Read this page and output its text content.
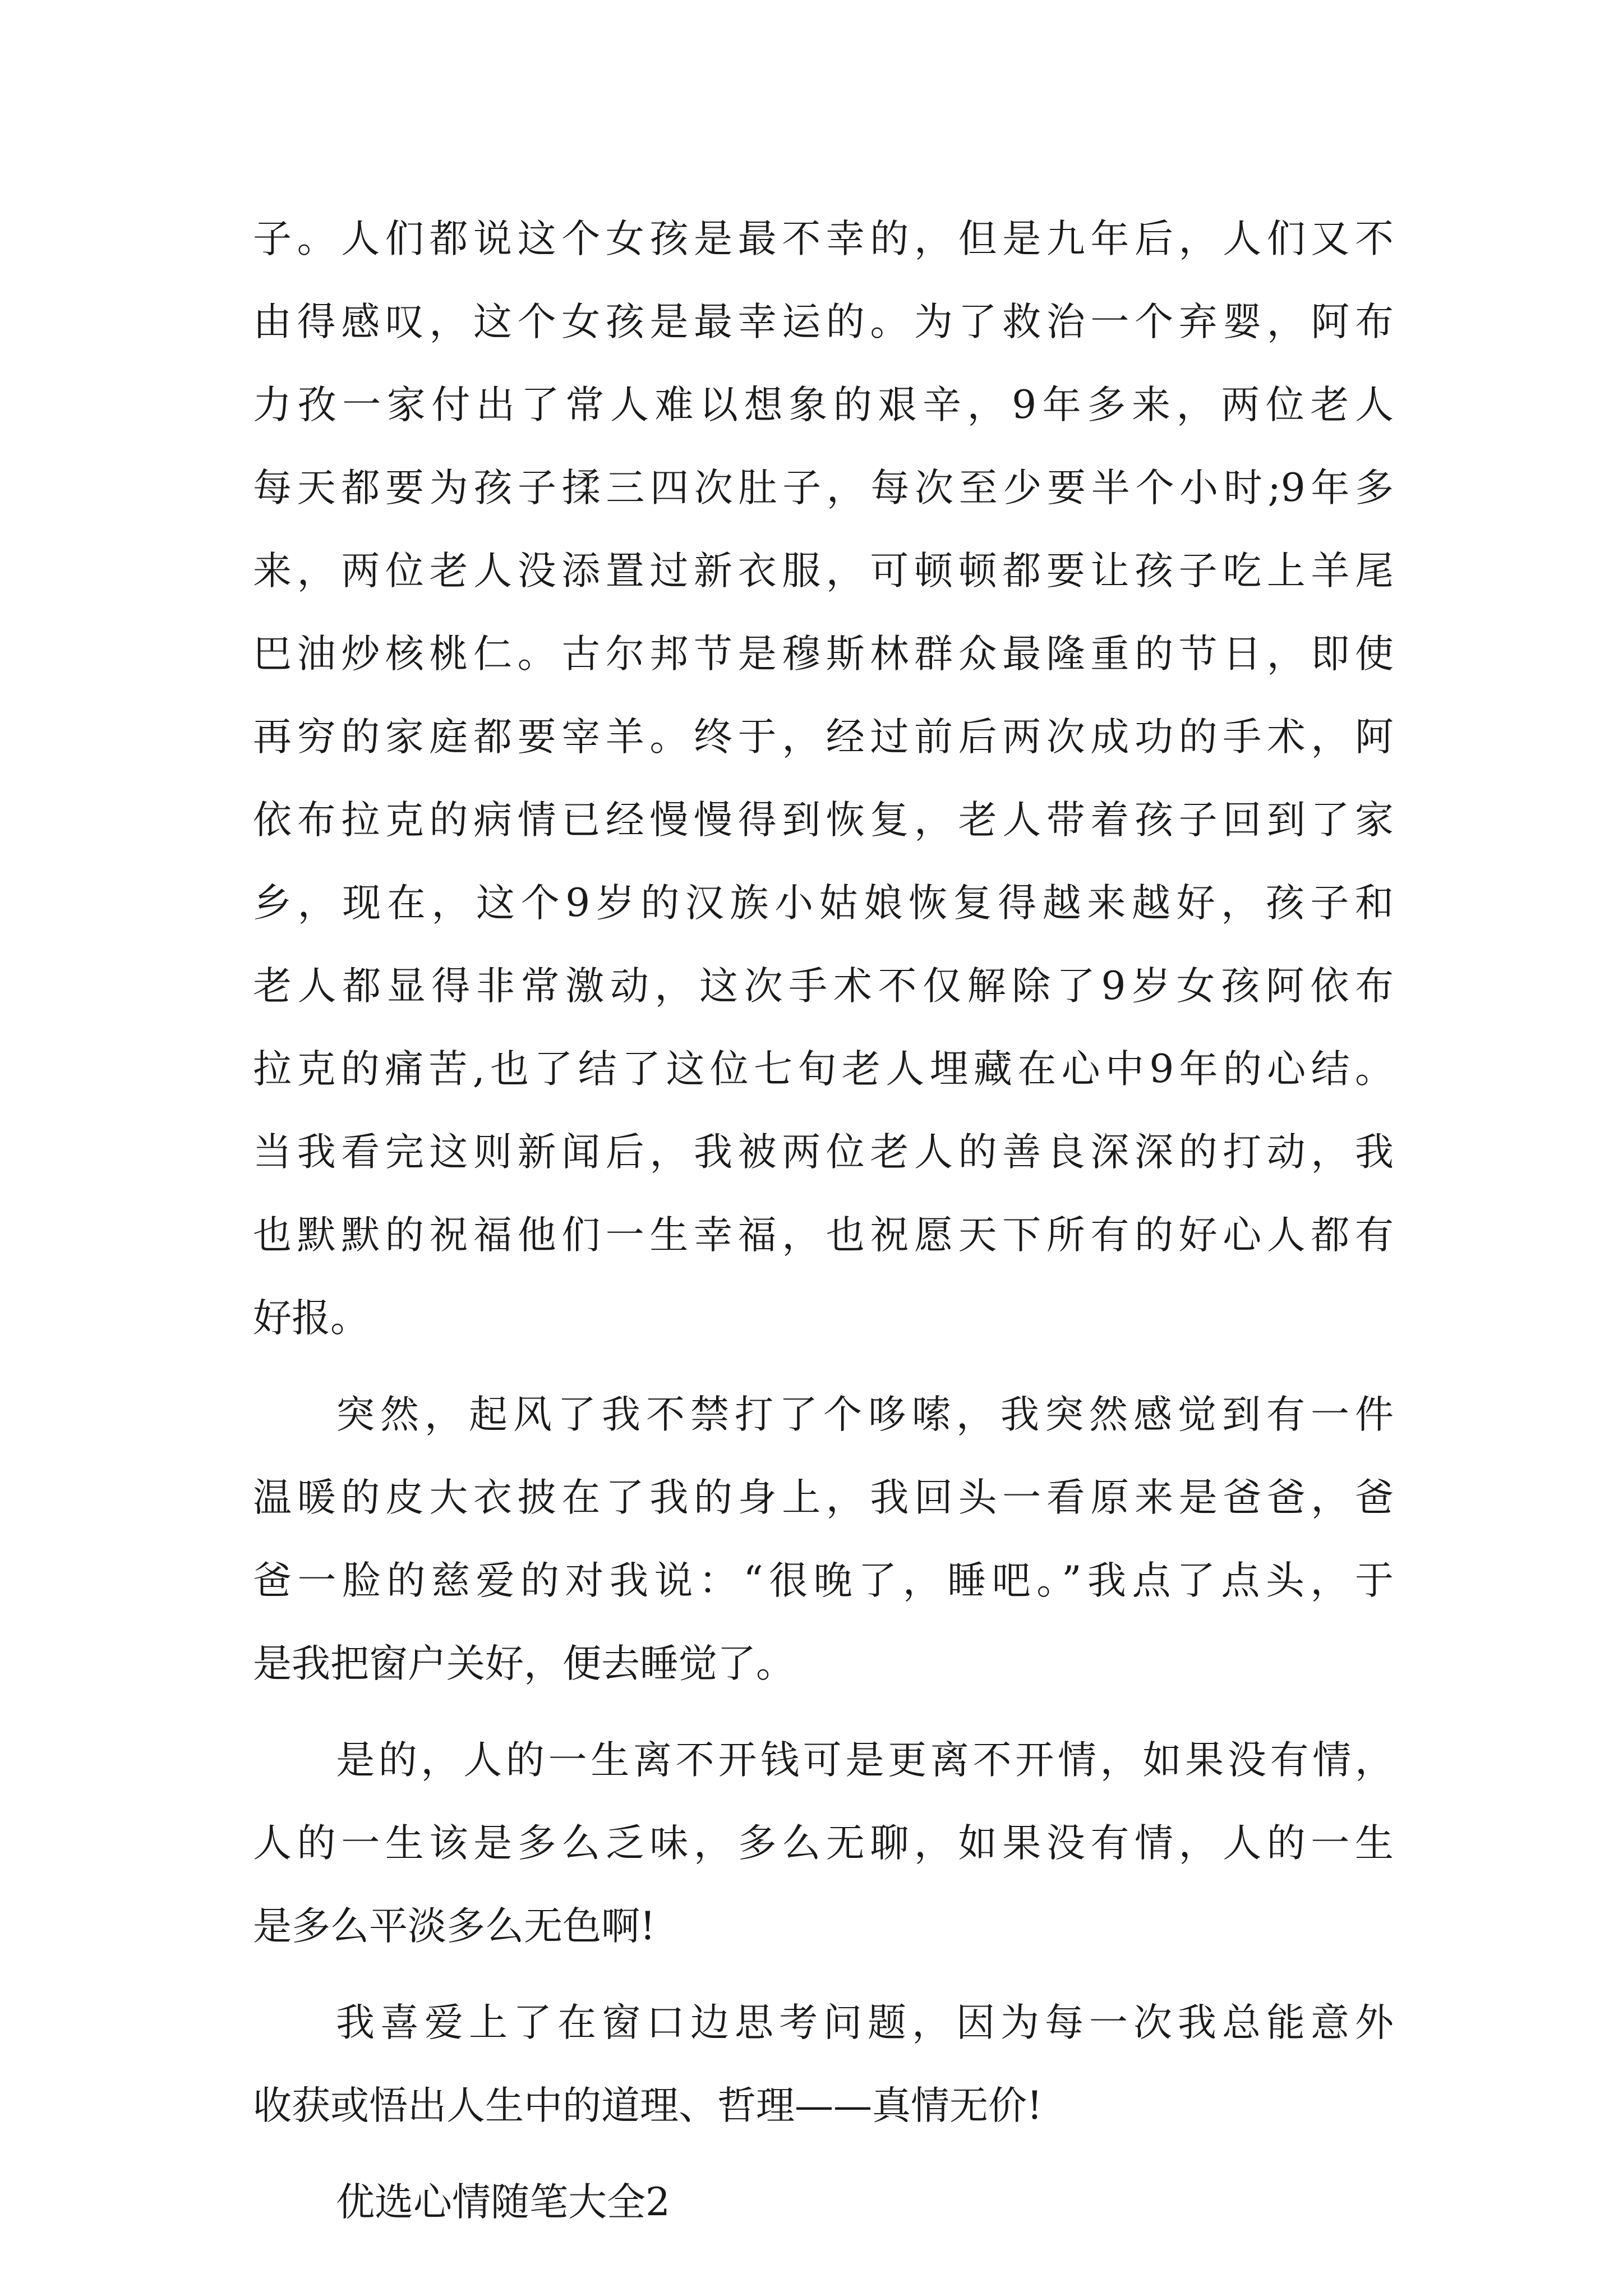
子。人们都说这个女孩是最不幸的，但是九年后，人们又不
由得感叹，这个女孩是最幸运的。为了救治一个弃婴，阿布
力孜一家付出了常人难以想象的艰辛，9年多来，两位老人
每天都要为孩子揉三四次肚子，每次至少要半个小时;9年多
来，两位老人没添置过新衣服，可顿顿都要让孩子吃上羊尾
巴油炒核桃仁。古尔邦节是穆斯林群众最隆重的节日，即使
再穷的家庭都要宰羊。终于，经过前后两次成功的手术，阿
依布拉克的病情已经慢慢得到恢复，老人带着孩子回到了家
乡，现在，这个9岁的汉族小姑娘恢复得越来越好，孩子和
老人都显得非常激动，这次手术不仅解除了9岁女孩阿依布
拉克的痛苦,也了结了这位七旬老人埋藏在心中9年的心结。
当我看完这则新闻后，我被两位老人的善良深深的打动，我
也默默的祝福他们一生幸福，也祝愿天下所有的好心人都有
好报。
突然，起风了我不禁打了个哆嗦，我突然感觉到有一件
温暖的皮大衣披在了我的身上，我回头一看原来是爸爸，爸
爸一脸的慈爱的对我说：“很晚了，睡吧。”我点了点头，于
是我把窗户关好，便去睡觉了。
是的，人的一生离不开钱可是更离不开情，如果没有情，
人的一生该是多么乏味，多么无聊，如果没有情，人的一生
是多么平淡多么无色啊!
我喜爱上了在窗口边思考问题，因为每一次我总能意外
收获或悟出人生中的道理、哲理——真情无价!
优选心情随笔大全2
